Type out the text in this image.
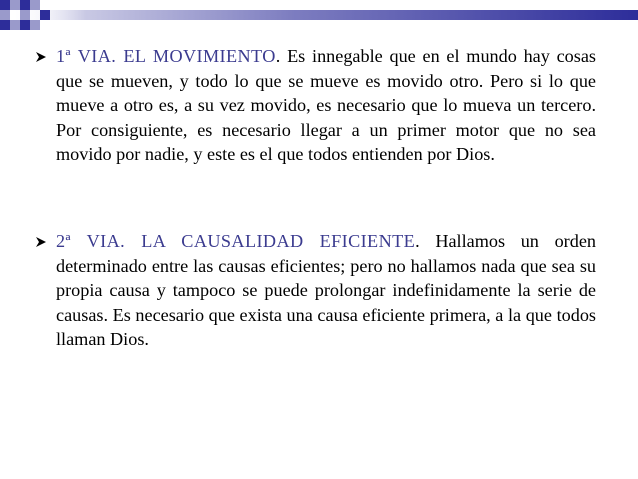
1ª VIA. EL MOVIMIENTO. Es innegable que en el mundo hay cosas que se mueven, y todo lo que se mueve es movido otro. Pero si lo que mueve a otro es, a su vez movido, es necesario que lo mueva un tercero. Por consiguiente, es necesario llegar a un primer motor que no sea movido por nadie, y este es el que todos entienden por Dios.
2ª VIA. LA CAUSALIDAD EFICIENTE. Hallamos un orden determinado entre las causas eficientes; pero no hallamos nada que sea su propia causa y tampoco se puede prolongar indefinidamente la serie de causas. Es necesario que exista una causa eficiente primera, a la que todos llaman Dios.
